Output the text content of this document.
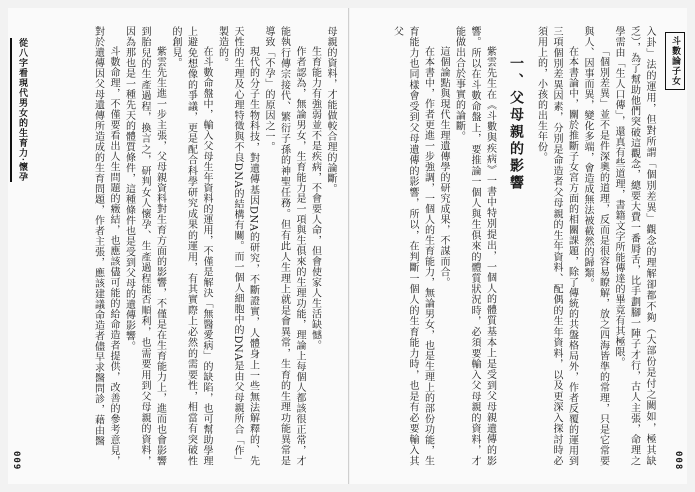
從八字看現代男女的生育力‧懷孕	母親的資料，才能做較合理的論斷。

生育能力有強弱並不是疾病，不會要人命，但會使家人生活缺憾。

作者認為，無論男女，生育能力是一項與生俱來的生理功能，理論上每個人都該很正常，才能執行傳宗接代、繁衍子孫的神聖任務。但有此人生理上就是會異常，生育的生理功能異常是導致「不孕」的原因之一。

現代的分子生物科技，對遺傳基因DNA的研究，不斷證實，人體身上一些無法解釋的、先天性的生理及心理特徵與不良DNA的結構有關。而一個人細胞中的DNA是由父母親所合「作」製造的。

在斗數命盤中，輸入父母生年資料的運用，不僅是解決「無醫愛病」的缺陷，也可幫助學理上避免想像的爭議，更是配合科學研究成果的運用，有其實際上必然的需要性，相當有突破性的創見。

紫雲先生進一步主張，父母親資料對生育方面的影響，不僅是在生育能力上，進而也會影響到胎兒的生產過程，換言之，研判女人懷孕、生產過程能否順利，也需要用到父母親的資料，因為那也是一種先天的體質條件，這種條件也是受到父母的遺傳影響。

斗數命理，不僅要看出人生問題的癥結，也應該儘可能的給命造者提供，改善的參考意見，對於遺傳因父母遺傳所造成的生育問題，作者主張，應該建議命造者儘早求醫問診，藉由醫

009
斗數論子女

入卦」法的運用，但對所謂「個別差異」觀念的理解卻都不夠（大部份是付之闕如，極其缺乏），為了幫助他們突破這觀念，總要大費一番脣舌，比手劃腳一陣子才行，古人主張，命理之學需由「生人口傳」，還真有些道理，書籍文字所能傳達的畢竟有其極限。

「個別差異」並不是件深奧的道理，反而是很容易瞭解，放之四海皆準的常理，只是它常要與人、因事而異，變化多端，會造成無法被截然的歸類。

在本書論中，關於推斷子女宮方面的相關課題，除了傳統的共盤格局外，作者反覆的運用到三項個別差異因素，分別是命造者父母親的生年資料、配偶的生年資料，以及更深入探討時必須用上的，小孩的出生年份。

一、父母親的影響

紫雲先生在《斗數與疾病》一書中特別提出，一個人的體質基本上是受到父母親遺傳的影響。所以在斗數命盤上，要推論一個人與生俱來的體質狀況時，必須要輸入父母親的資料，才能做出合於事實的論斷。

這個論點與現代生理遺傳學的研究成果，不謀而合。

在本書中，作者更進一步強調，一個人的生育能力，無論男女，也是生理上的部份功能，生育能力也同樣會受到父母遺傳的影響，所以，在判斷一個人的生育能力時，也是有必要輸入其父

008
